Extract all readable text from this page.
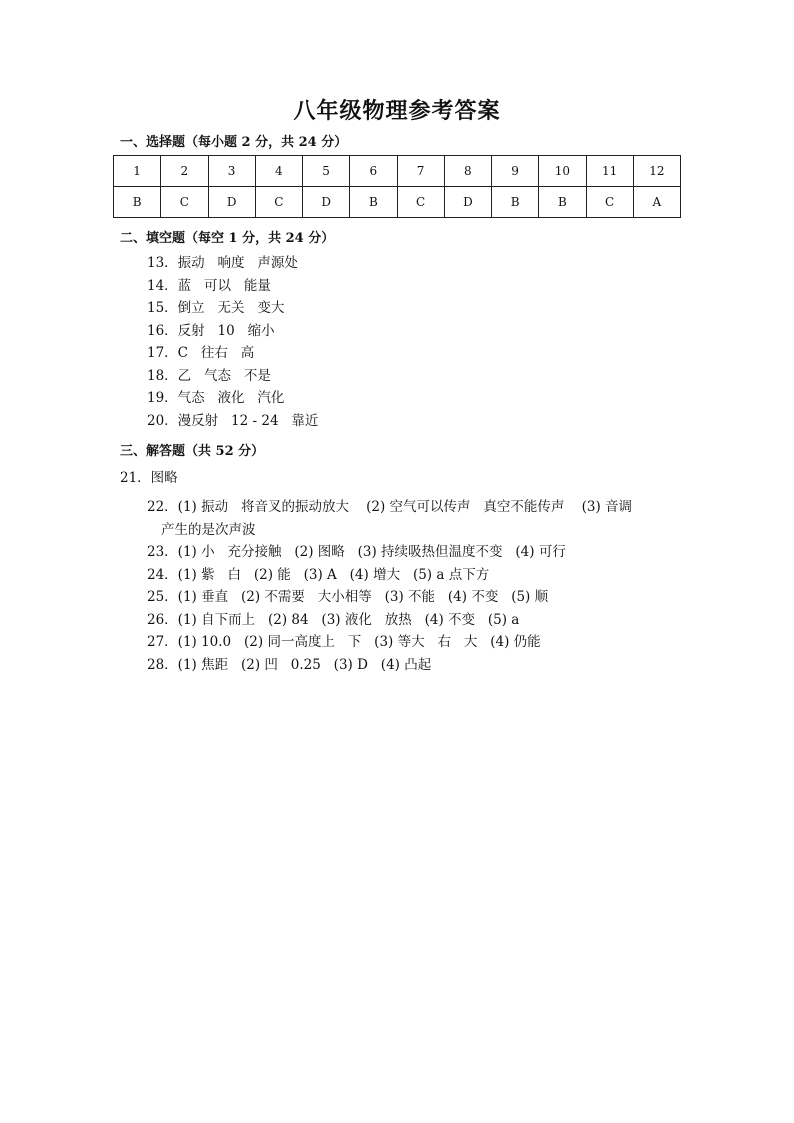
八年级物理参考答案
一、选择题（每小题 2 分，共 24 分）
1	2	3	4	5	6	7	8	9	10	11	12
B	C	D	C	D	B	C	D	B	B	C	A
二、填空题（每空 1 分，共 24 分）
13．振动   响度   声源处
14．蓝   可以   能量
15．倒立   无关   变大
16．反射   10   缩小
17．C   往右   高
18．乙   气态   不是
19．气态   液化   汽化
20．漫反射   12 - 24   靠近
三、解答题（共 52 分）
21．图略
22．(1) 振动   将音叉的振动放大    (2) 空气可以传声   真空不能传声    (3) 音调
产生的是次声波
23．(1) 小   充分接触   (2) 图略   (3) 持续吸热但温度不变   (4) 可行
24．(1) 紫   白   (2) 能   (3) A   (4) 增大   (5) a 点下方
25．(1) 垂直   (2) 不需要   大小相等   (3) 不能   (4) 不变   (5) 顺
26．(1) 自下而上   (2) 84   (3) 液化   放热   (4) 不变   (5) a
27．(1) 10.0   (2) 同一高度上   下   (3) 等大   右   大   (4) 仍能
28．(1) 焦距   (2) 凹   0.25   (3) D   (4) 凸起
